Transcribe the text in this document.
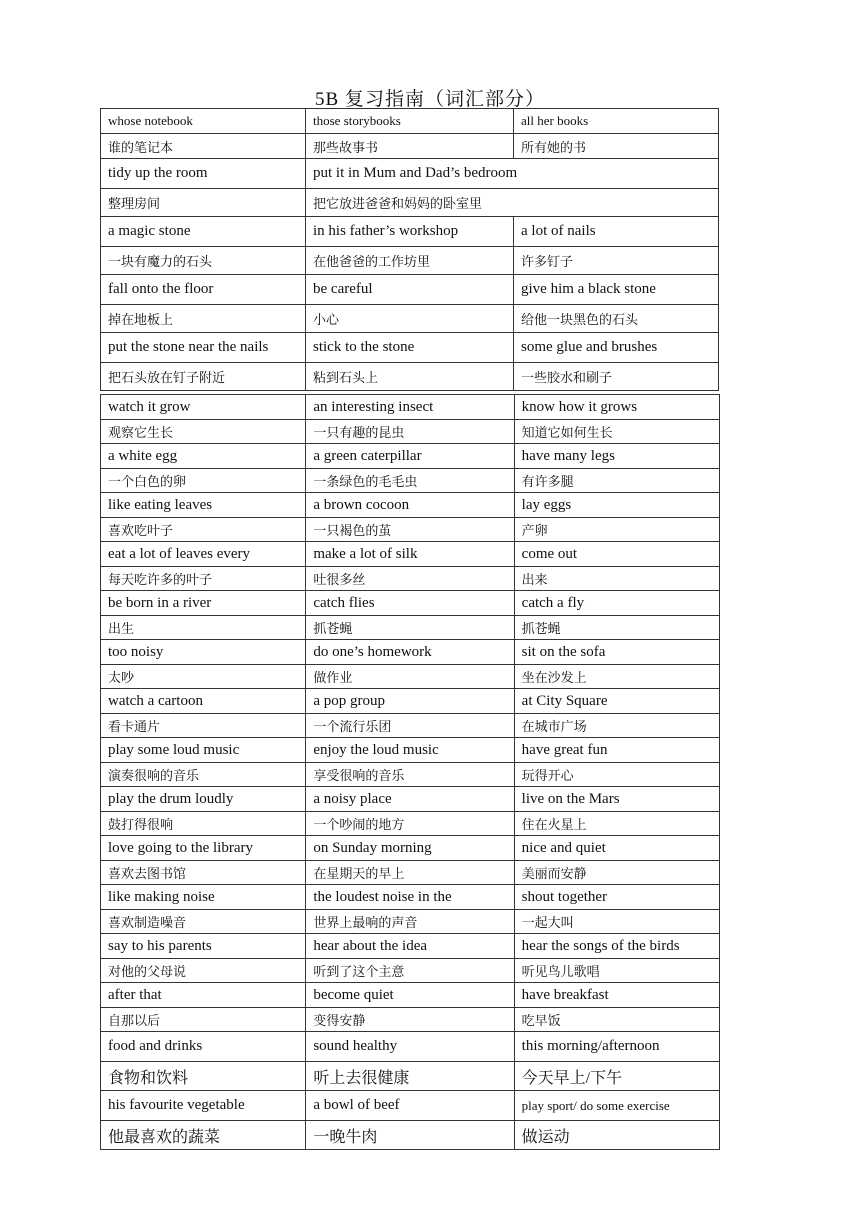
5B 复习指南（词汇部分）
whose notebook	those storybooks	all her books
谁的笔记本	那些故事书	所有她的书
tidy up the room	put it in Mum and Dad’s bedroom	
整理房间	把它放进爸爸和妈妈的卧室里	
a magic stone	in his father’s workshop	a lot of nails
一块有魔力的石头	在他爸爸的工作坊里	许多钉子
fall onto the floor	be careful	give him a black stone
掉在地板上	小心	给他一块黑色的石头
put the stone near the nails	stick to the stone	some glue and brushes
把石头放在钉子附近	粘到石头上	一些胶水和刷子
watch it grow	an interesting insect	know how it grows
观察它生长	一只有趣的昆虫	知道它如何生长
a white egg	a green caterpillar	have many legs
一个白色的卵	一条绿色的毛毛虫	有许多腿
like eating leaves	a brown cocoon	lay eggs
喜欢吃叶子	一只褐色的茧	产卵
eat a lot of leaves every	make a lot of silk	come out
每天吃许多的叶子	吐很多丝	出来
be born in a river	catch flies	catch a fly
出生	抓苍蝇	抓苍蝇
too noisy	do one’s homework	sit on the sofa
太吵	做作业	坐在沙发上
watch a cartoon	a pop group	at City Square
看卡通片	一个流行乐团	在城市广场
play some loud music	enjoy the loud music	have great fun
演奏很响的音乐	享受很响的音乐	玩得开心
play the drum loudly	a noisy place	live on the Mars
鼓打得很响	一个吵闹的地方	住在火星上
love going to the library	on Sunday morning	nice and quiet
喜欢去图书馆	在星期天的早上	美丽而安静
like making noise	the loudest noise in the	shout together
喜欢制造噪音	世界上最响的声音	一起大叫
say to his parents	hear about the idea	hear the songs of the birds
对他的父母说	听到了这个主意	听见鸟儿歌唱
after that	become quiet	have breakfast
自那以后	变得安静	吃早饭
food and drinks	sound healthy	this morning/afternoon
食物和饮料	听上去很健康	今天早上/下午
his favourite vegetable	a bowl of beef	play sport/ do some exercise
他最喜欢的蔬菜	一晚牛肉	做运动
